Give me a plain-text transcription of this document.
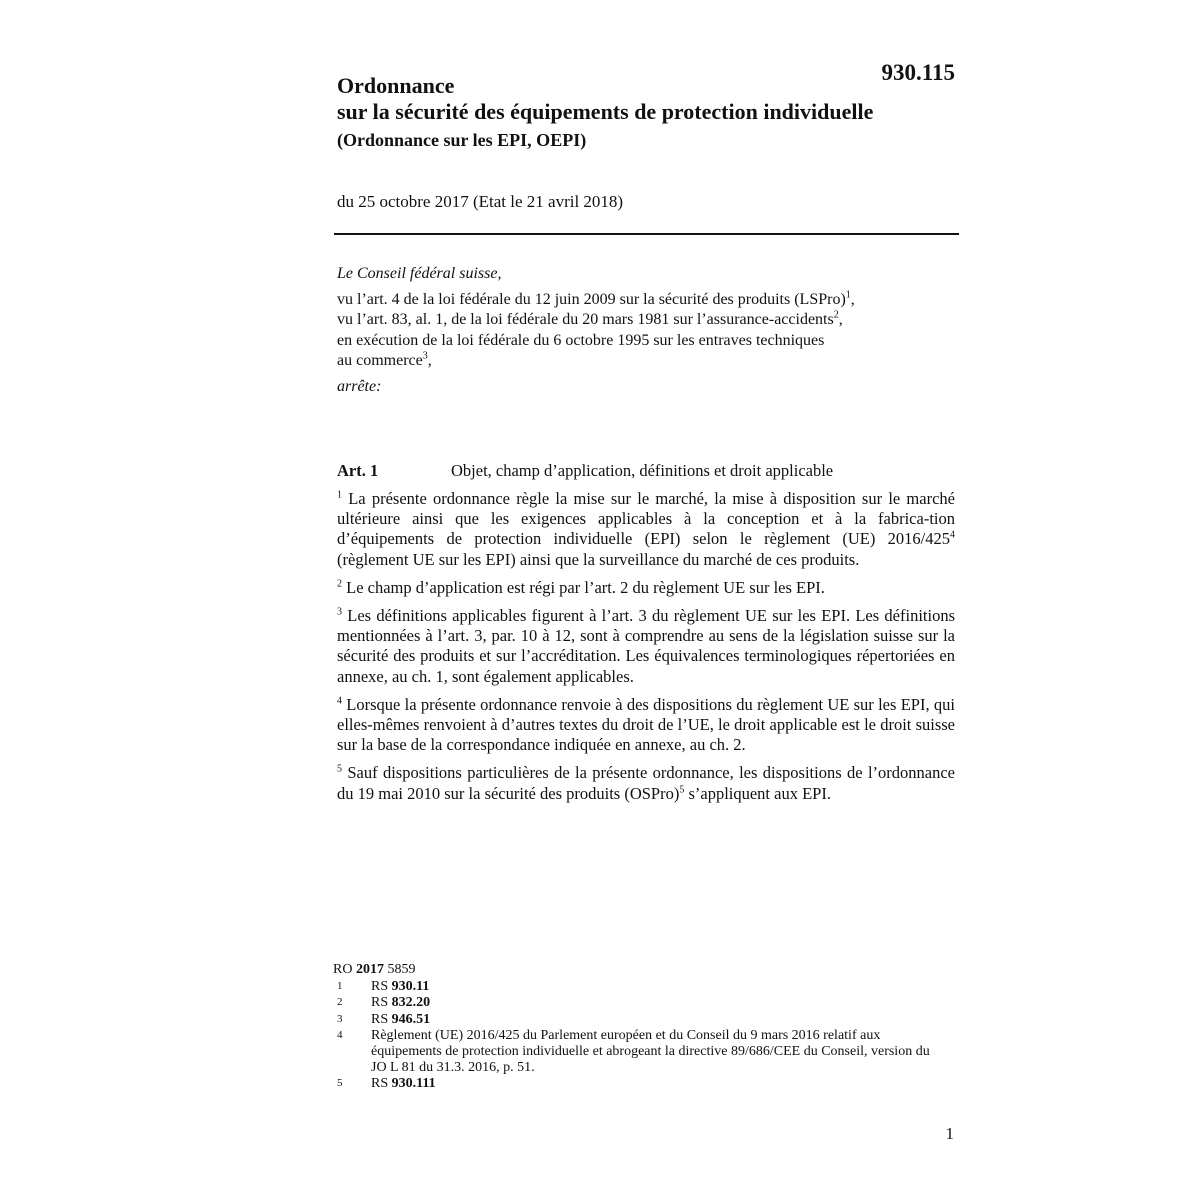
930.115
Ordonnance
sur la sécurité des équipements de protection individuelle
(Ordonnance sur les EPI, OEPI)
du 25 octobre 2017 (Etat le 21 avril 2018)
Le Conseil fédéral suisse,
vu l’art. 4 de la loi fédérale du 12 juin 2009 sur la sécurité des produits (LSPro)$^1$,
vu l’art. 83, al. 1, de la loi fédérale du 20 mars 1981 sur l’assurance-accidents$^2$,
en exécution de la loi fédérale du 6 octobre 1995 sur les entraves techniques
au commerce$^3$,
arrête:
Art. 1	Objet, champ d’application, définitions et droit applicable

$^1$ La présente ordonnance règle la mise sur le marché, la mise à disposition sur le marché ultérieure ainsi que les exigences applicables à la conception et à la fabrica-tion d’équipements de protection individuelle (EPI) selon le règlement (UE) $2016/425^4$ (règlement UE sur les EPI) ainsi que la surveillance du marché de ces produits.

$^2$ Le champ d’application est régi par l’art. 2 du règlement UE sur les EPI.

$^3$ Les définitions applicables figurent à l’art. 3 du règlement UE sur les EPI. Les définitions mentionnées à l’art. 3, par. 10 à 12, sont à comprendre au sens de la législation suisse sur la sécurité des produits et sur l’accréditation. Les équivalences terminologiques répertoriées en annexe, au ch. 1, sont également applicables.

$^4$ Lorsque la présente ordonnance renvoie à des dispositions du règlement UE sur les EPI, qui elles-mêmes renvoient à d’autres textes du droit de l’UE, le droit applicable est le droit suisse sur la base de la correspondance indiquée en annexe, au ch. 2.

$^5$ Sauf dispositions particulières de la présente ordonnance, les dispositions de l’ordonnance du 19 mai 2010 sur la sécurité des produits (OSPro)$^5$ s’appliquent aux EPI.

RO 2017 5859
1	RS 930.11
2	RS 832.20
3	RS 946.51
4	Règlement (UE) 2016/425 du Parlement européen et du Conseil du 9 mars 2016 relatif aux équipements de protection individuelle et abrogeant la directive 89/686/CEE du Conseil, version du JO L 81 du 31.3. 2016, p. 51.
5	RS 930.111
1
